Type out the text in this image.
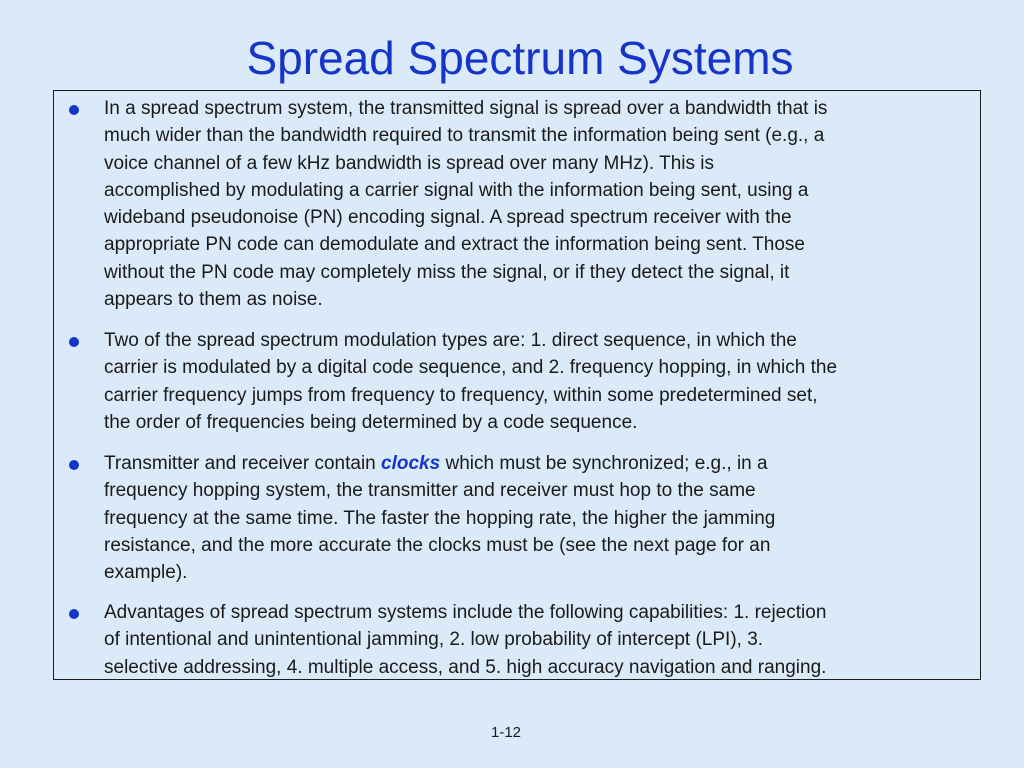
Spread Spectrum Systems

In a spread spectrum system, the transmitted signal is spread over a bandwidth that is
much wider than the bandwidth required to transmit the information being sent (e.g., a
voice channel of a few kHz bandwidth is spread over many MHz). This is
accomplished by modulating a carrier signal with the information being sent, using a
wideband pseudonoise (PN) encoding signal. A spread spectrum receiver with the
appropriate PN code can demodulate and extract the information being sent. Those
without the PN code may completely miss the signal, or if they detect the signal, it
appears to them as noise.

Two of the spread spectrum modulation types are: 1. direct sequence, in which the
carrier is modulated by a digital code sequence, and 2. frequency hopping, in which the
carrier frequency jumps from frequency to frequency, within some predetermined set,
the order of frequencies being determined by a code sequence.

Transmitter and receiver contain clocks which must be synchronized; e.g., in a
frequency hopping system, the transmitter and receiver must hop to the same
frequency at the same time. The faster the hopping rate, the higher the jamming
resistance, and the more accurate the clocks must be (see the next page for an
example).

Advantages of spread spectrum systems include the following capabilities: 1. rejection
of intentional and unintentional jamming, 2. low probability of intercept (LPI), 3.
selective addressing, 4. multiple access, and 5. high accuracy navigation and ranging.

1-12
